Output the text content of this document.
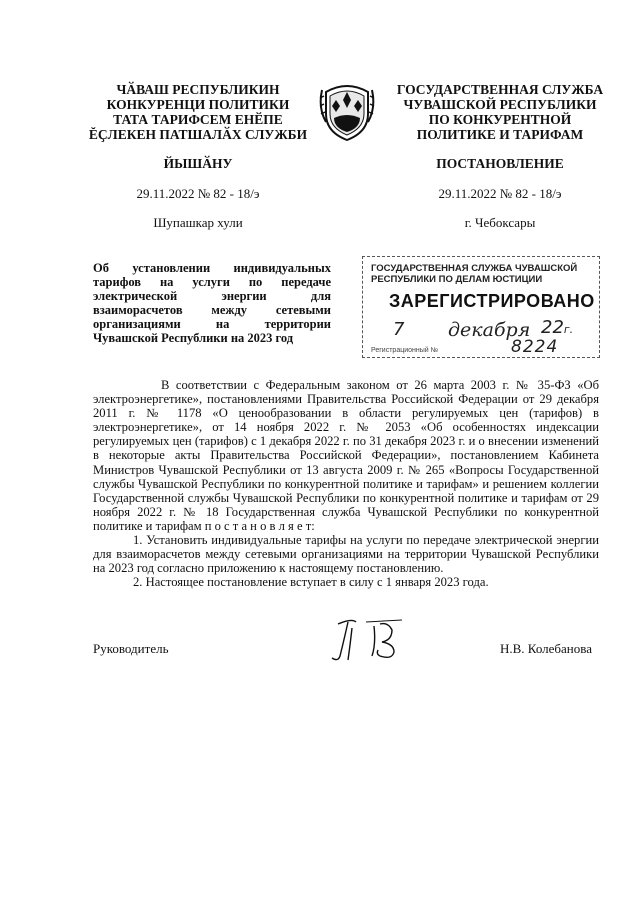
ЧӐВАШ РЕСПУБЛИКИН
КОНКУРЕНЦИ ПОЛИТИКИ
ТАТА ТАРИФСЕМ ЕНӖПЕ
ĔҪЛЕКЕН ПАТШАЛӐХ СЛУЖБИ
ГОСУДАРСТВЕННАЯ СЛУЖБА
ЧУВАШСКОЙ РЕСПУБЛИКИ
ПО КОНКУРЕНТНОЙ
ПОЛИТИКЕ И ТАРИФАМ
ЙЫШӐНУ	ПОСТАНОВЛЕНИЕ
29.11.2022 № 82 - 18/э	29.11.2022 № 82 - 18/э
Шупашкар хули	г. Чебоксары
Об установлении индивидуальных
тарифов на услуги по передаче
электрической энергии для
взаиморасчетов между сетевыми
организациями на территории
Чувашской Республики на 2023 год
ГОСУДАРСТВЕННАЯ СЛУЖБА ЧУВАШСКОЙ
РЕСПУБЛИКИ ПО ДЕЛАМ ЮСТИЦИИ
ЗАРЕГИСТРИРОВАНО
7 декабря 22г.
8224
Регистрационный №

В соответствии с Федеральным законом от 26 марта 2003 г. № 35-ФЗ «Об электроэнергетике», постановлениями Правительства Российской Федерации от 29 декабря 2011 г. № 1178 «О ценообразовании в области регулируемых цен (тарифов) в электроэнергетике», от 14 ноября 2022 г. № 2053 «Об особенностях индексации регулируемых цен (тарифов) с 1 декабря 2022 г. по 31 декабря 2023 г. и о внесении изменений в некоторые акты Правительства Российской Федерации», постановлением Кабинета Министров Чувашской Республики от 13 августа 2009 г. № 265 «Вопросы Государственной службы Чувашской Республики по конкурентной политике и тарифам» и решением коллегии Государственной службы Чувашской Республики по конкурентной политике и тарифам от 29 ноября 2022 г. № 18 Государственная служба Чувашской Республики по конкурентной политике и тарифам п о с т а н о в л я е т:

1. Установить индивидуальные тарифы на услуги по передаче электрической энергии для взаиморасчетов между сетевыми организациями на территории Чувашской Республики на 2023 год согласно приложению к настоящему постановлению.

2. Настоящее постановление вступает в силу с 1 января 2023 года.

Руководитель	Н.В. Колебанова
